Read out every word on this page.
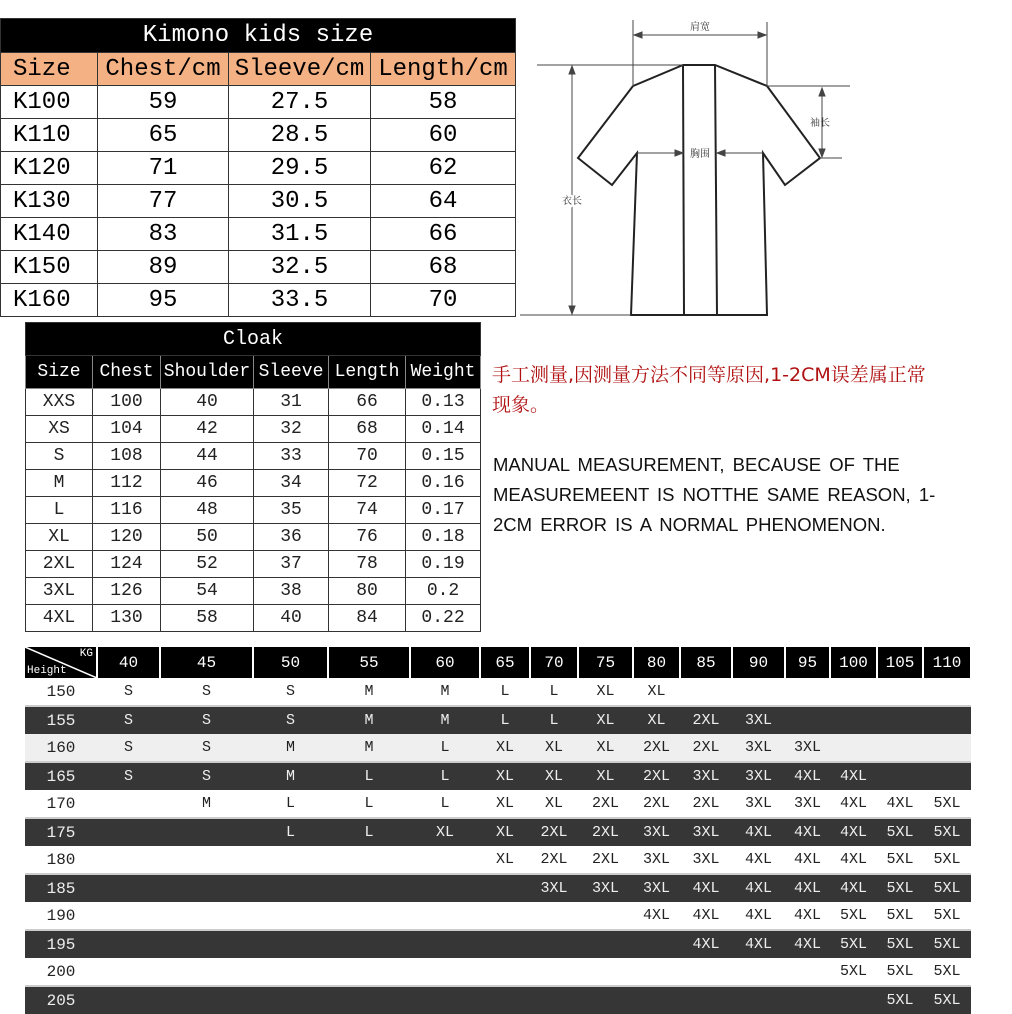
Kimono kids size			
Size	Chest/cm	Sleeve/cm	Length/cm
K100	59	27.5	58
K110	65	28.5	60
K120	71	29.5	62
K130	77	30.5	64
K140	83	31.5	66
K150	89	32.5	68
K160	95	33.5	70
肩宽
袖长
胸围
衣长
Cloak					
Size	Chest	Shoulder	Sleeve	Length	Weight
XXS	100	40	31	66	0.13
XS	104	42	32	68	0.14
S	108	44	33	70	0.15
M	112	46	34	72	0.16
L	116	48	35	74	0.17
XL	120	50	36	76	0.18
2XL	124	52	37	78	0.19
3XL	126	54	38	80	0.2
4XL	130	58	40	84	0.22
手工测量,因测量方法不同等原因,1-2CM误差属正常现象。
MANUAL MEASUREMENT, BECAUSE OF THE MEASUREMEENT IS NOTTHE SAME REASON, 1-2CM ERROR IS A NORMAL PHENOMENON.
KG
Height	40	45	50	55	60	65	70	75	80	85	90	95	100	105	110
150	S	S	S	M	M	L	L	XL	XL						
155	S	S	S	M	M	L	L	XL	XL	2XL	3XL				
160	S	S	M	M	L	XL	XL	XL	2XL	2XL	3XL	3XL			
165	S	S	M	L	L	XL	XL	XL	2XL	3XL	3XL	4XL	4XL		
170		M	L	L	L	XL	XL	2XL	2XL	2XL	3XL	3XL	4XL	4XL	5XL
175			L	L	XL	XL	2XL	2XL	3XL	3XL	4XL	4XL	4XL	5XL	5XL
180						XL	2XL	2XL	3XL	3XL	4XL	4XL	4XL	5XL	5XL
185							3XL	3XL	3XL	4XL	4XL	4XL	4XL	5XL	5XL
190									4XL	4XL	4XL	4XL	5XL	5XL	5XL
195										4XL	4XL	4XL	5XL	5XL	5XL
200													5XL	5XL	5XL
205														5XL	5XL
